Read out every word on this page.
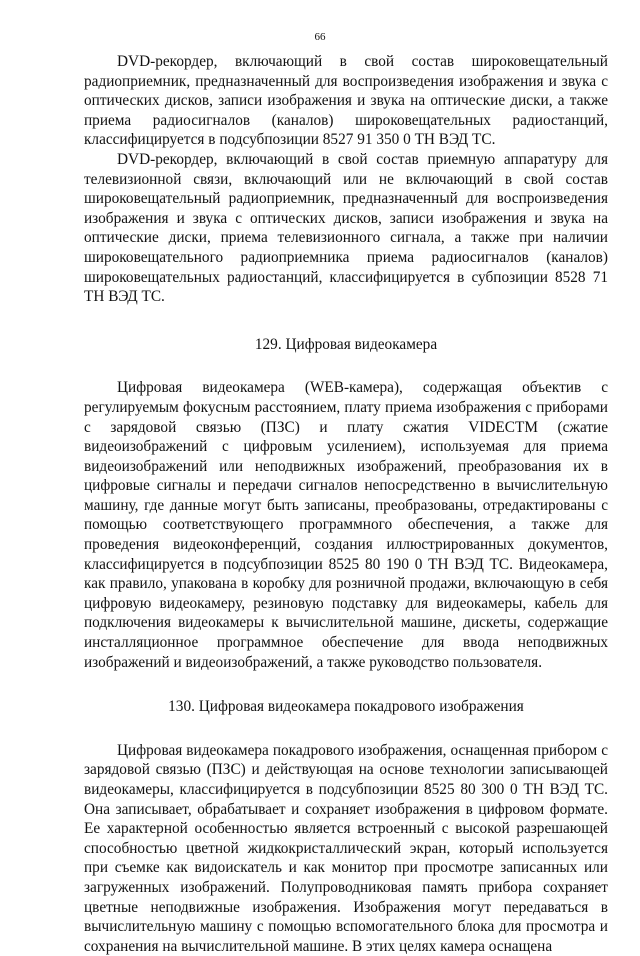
66

DVD-рекордер, включающий в свой состав широковещательный радиоприемник, предназначенный для воспроизведения изображения и звука с оптических дисков, записи изображения и звука на оптические диски, а также приема радиосигналов (каналов) широковещательных радиостанций, классифицируется в подсубпозиции 8527 91 350 0 ТН ВЭД ТС.

DVD-рекордер, включающий в свой состав приемную аппаратуру для телевизионной связи, включающий или не включающий в свой состав широковещательный радиоприемник, предназначенный для воспроизведения изображения и звука с оптических дисков, записи изображения и звука на оптические диски, приема телевизионного сигнала, а также при наличии широковещательного радиоприемника приема радиосигналов (каналов) широковещательных радиостанций, классифицируется в субпозиции 8528 71 ТН ВЭД ТС.

129. Цифровая видеокамера

Цифровая видеокамера (WEB-камера), содержащая объектив с регулируемым фокусным расстоянием, плату приема изображения с приборами с зарядовой связью (ПЗС) и плату сжатия VIDECTM (сжатие видеоизображений с цифровым усилением), используемая для приема видеоизображений или неподвижных изображений, преобразования их в цифровые сигналы и передачи сигналов непосредственно в вычислительную машину, где данные могут быть записаны, преобразованы, отредактированы с помощью соответствующего программного обеспечения, а также для проведения видеоконференций, создания иллюстрированных документов, классифицируется в подсубпозиции 8525 80 190 0 ТН ВЭД ТС. Видеокамера, как правило, упакована в коробку для розничной продажи, включающую в себя цифровую видеокамеру, резиновую подставку для видеокамеры, кабель для подключения видеокамеры к вычислительной машине, дискеты, содержащие инсталляционное программное обеспечение для ввода неподвижных изображений и видеоизображений, а также руководство пользователя.

130. Цифровая видеокамера покадрового изображения

Цифровая видеокамера покадрового изображения, оснащенная прибором с зарядовой связью (ПЗС) и действующая на основе технологии записывающей видеокамеры, классифицируется в подсубпозиции 8525 80 300 0 ТН ВЭД ТС. Она записывает, обрабатывает и сохраняет изображения в цифровом формате. Ее характерной особенностью является встроенный с высокой разрешающей способностью цветной жидкокристаллический экран, который используется при съемке как видоискатель и как монитор при просмотре записанных или загруженных изображений. Полупроводниковая память прибора сохраняет цветные неподвижные изображения. Изображения могут передаваться в вычислительную машину с помощью вспомогательного блока для просмотра и сохранения на вычислительной машине. В этих целях камера оснащена
